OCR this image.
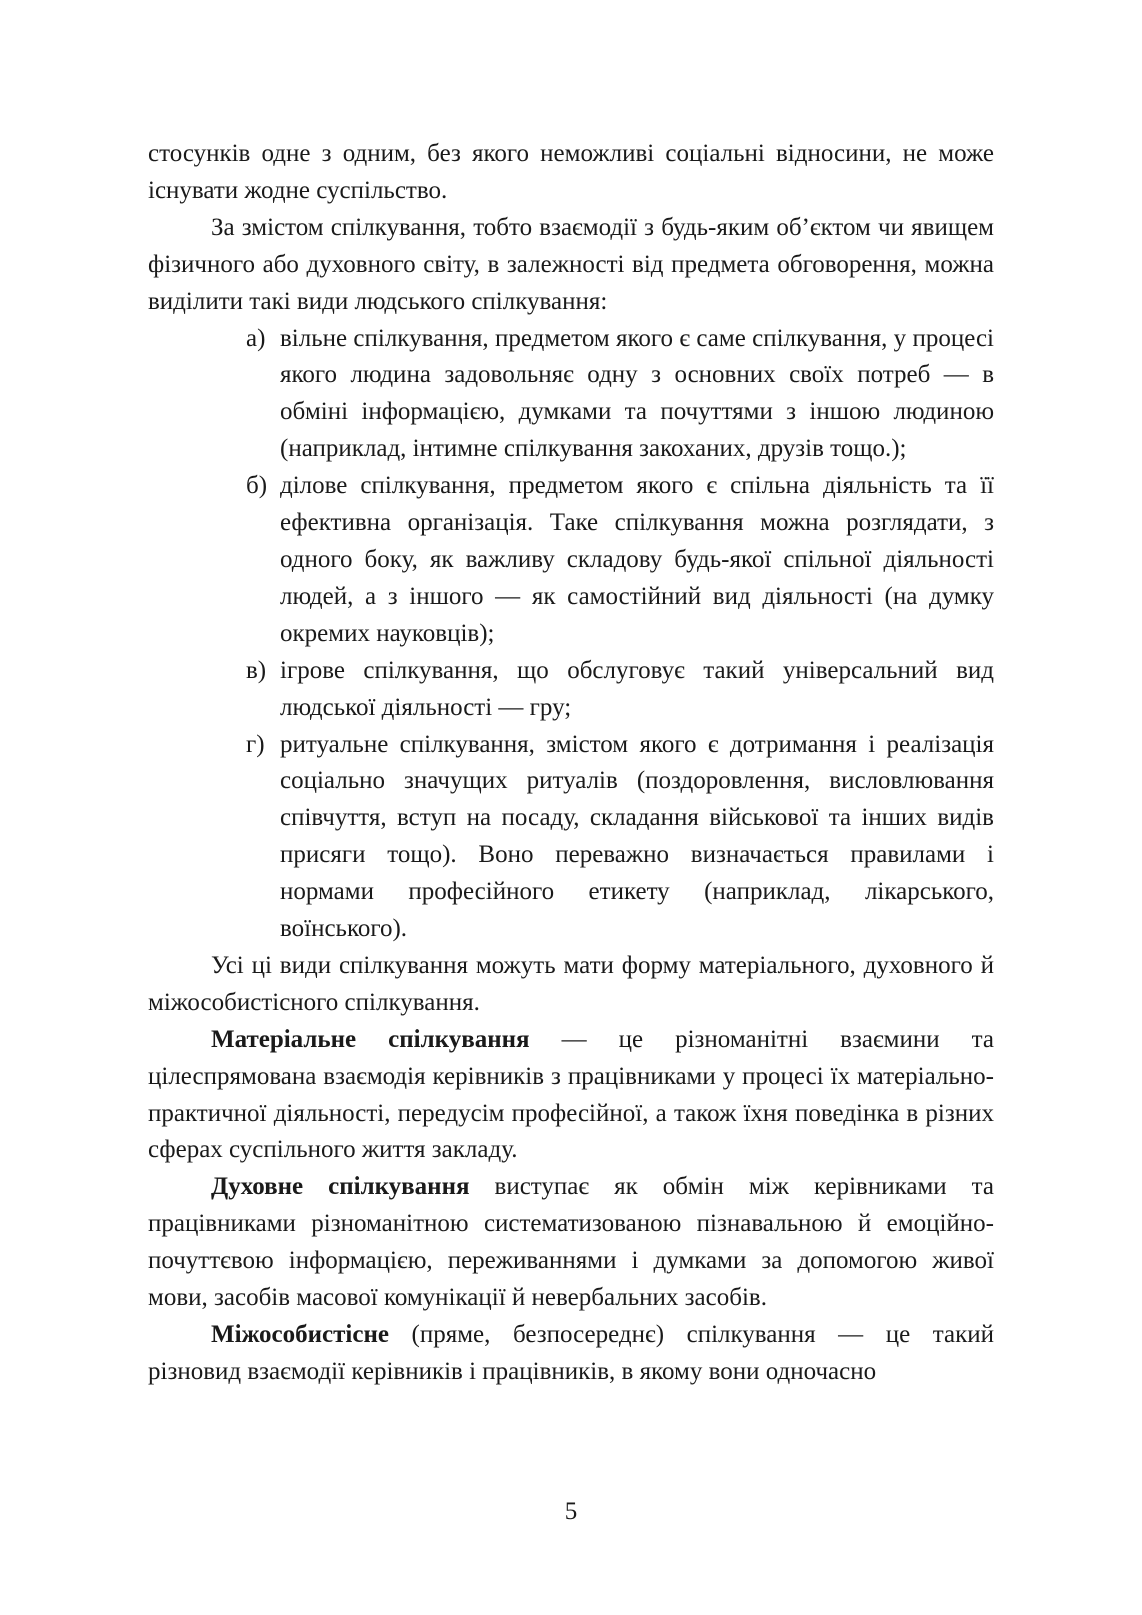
стосунків одне з одним, без якого неможливі соціальні відносини, не може існувати жодне суспільство.

За змістом спілкування, тобто взаємодії з будь-яким об’єктом чи явищем фізичного або духовного світу, в залежності від предмета обговорення, можна виділити такі види людського спілкування:

а) вільне спілкування, предметом якого є саме спілкування, у процесі якого людина задовольняє одну з основних своїх потреб — в обміні інформацією, думками та почуттями з іншою людиною (наприклад, інтимне спілкування закоханих, друзів тощо.);
б) ділове спілкування, предметом якого є спільна діяльність та її ефективна організація. Таке спілкування можна розглядати, з одного боку, як важливу складову будь-якої спільної діяльності людей, а з іншого — як самостійний вид діяльності (на думку окремих науковців);
в) ігрове спілкування, що обслуговує такий універсальний вид людської діяльності — гру;
г) ритуальне спілкування, змістом якого є дотримання і реалізація соціально значущих ритуалів (поздоровлення, висловлювання співчуття, вступ на посаду, складання військової та інших видів присяги тощо). Воно переважно визначається правилами і нормами професійного етикету (наприклад, лікарського, воїнського).

Усі ці види спілкування можуть мати форму матеріального, духовного й міжособистісного спілкування.

Матеріальне спілкування — це різноманітні взаємини та цілеспрямована взаємодія керівників з працівниками у процесі їх матеріально-практичної діяльності, передусім професійної, а також їхня поведінка в різних сферах суспільного життя закладу.

Духовне спілкування виступає як обмін між керівниками та працівниками різноманітною систематизованою пізнавальною й емоційно-почуттєвою інформацією, переживаннями і думками за допомогою живої мови, засобів масової комунікації й невербальних засобів.

Міжособистісне (пряме, безпосереднє) спілкування — це такий різновид взаємодії керівників і працівників, в якому вони одночасно

5
